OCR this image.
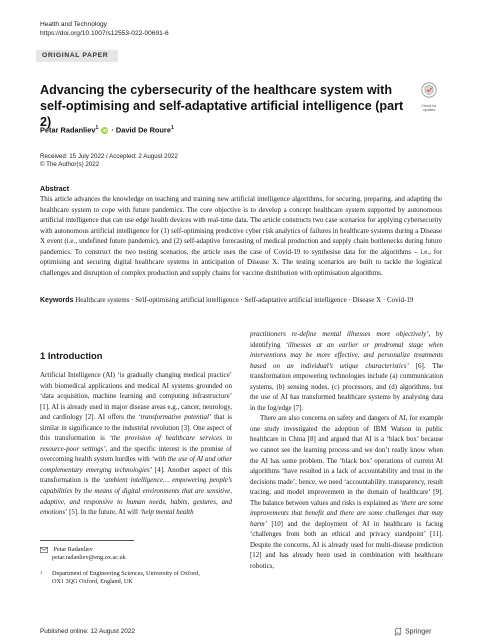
Health and Technology
https://doi.org/10.1007/s12553-022-00691-6
ORIGINAL PAPER
Check for updates
Advancing the cybersecurity of the healthcare system with self-optimising and self-adaptative artificial intelligence (part 2)
Petar Radanliev$^1$ iD · David De Roure$^1$
Received: 15 July 2022 / Accepted: 2 August 2022
© The Author(s) 2022
Abstract
This article advances the knowledge on teaching and training new artificial intelligence algorithms, for securing, preparing, and adapting the healthcare system to cope with future pandemics. The core objective is to develop a concept healthcare system supported by autonomous artificial intelligence that can use edge health devices with real-time data. The article constructs two case scenarios for applying cybersecurity with autonomous artificial intelligence for (1) self-optimising predictive cyber risk analytics of failures in healthcare systems during a Disease X event (i.e., undefined future pandemic), and (2) self-adaptive forecasting of medical production and supply chain bottlenecks during future pandemics. To construct the two testing scenarios, the article uses the case of Covid-19 to synthesise data for the algorithms – i.e., for optimising and securing digital healthcare systems in anticipation of Disease X. The testing scenarios are built to tackle the logistical challenges and disruption of complex production and supply chains for vaccine distribution with optimisation algorithms.
Keywords Healthcare systems · Self-optimising artificial intelligence · Self-adaptative artificial intelligence · Disease X · Covid-19
1 Introduction

Artificial Intelligence (AI) ‘is gradually changing medical practice’ with biomedical applications and medical AI systems grounded on ‘data acquisition, machine learning and computing infrastructure’ [1]. AI is already used in major disease areas e.g., cancer, neurology, and cardiology [2]. AI offers the ‘transformative potential’ that is similar in significance to the industrial revolution [3]. One aspect of this transformation is ‘the provision of healthcare services in resource-poor settings’, and the specific interest is the promise of overcoming health system hurdles with ‘with the use of AI and other complementary emerging technologies’ [4]. Another aspect of this transformation is the ‘ambient intelligence… empowering people’s capabilities by the means of digital environments that are sensitive, adaptive, and responsive to human needs, habits, gestures, and emotions’ [5]. In the future, AI will ‘help mental health

practitioners re-define mental illnesses more objectively’, by identifying ‘illnesses at an earlier or prodromal stage when interventions may be more effective, and personalize treatments based on an individual’s unique characteristics’ [6]. The transformation empowering technologies include (a) communication systems, (b) sensing nodes, (c) processors, and (d) algorithms, but the use of AI has transformed healthcare systems by analysing data in the fog/edge [7].

There are also concerns on safety and dangers of AI, for example one study investigated the adoption of IBM Watson in public healthcare in China [8] and argued that AI is a ‘black box’ because we cannot see the learning process and we don’t really know when the AI has some problem. The ‘black box’ operations of current AI algorithms ‘have resulted in a lack of accountability and trust in the decisions made’, hence, we need ‘accountability. transparency, result tracing, and model improvement in the domain of healthcare’ [9]. The balance between values and risks is explained as ‘there are some improvements that benefit and there are some challenges that may harm’ [10] and the deployment of AI in healthcare is facing ‘challenges from both an ethical and privacy standpoint’ [11]. Despite the concerns, AI is already used for multi-disease prediction [12] and has already been used in combination with healthcare robotics,

Petar Radanliev
petar.radanliev@eng.ox.ac.uk
1 Department of Engineering Sciences, University of Oxford,
OX1 3QG Oxford, England, UK
Published online: 12 August 2022	Springer
